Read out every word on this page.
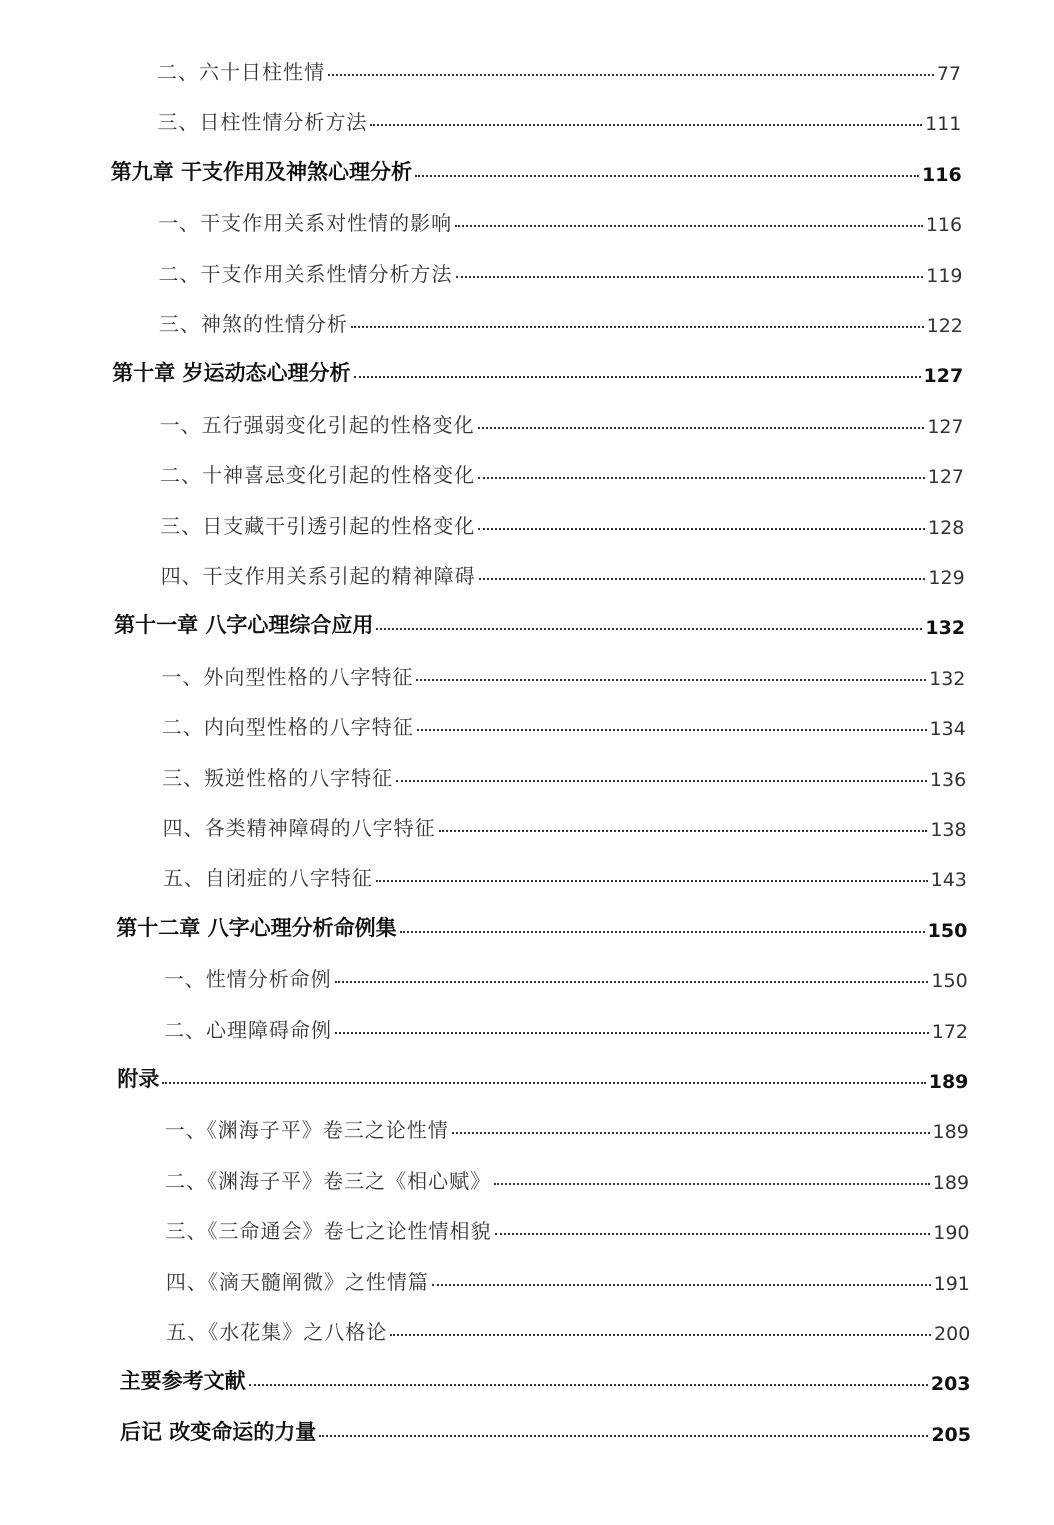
二、六十日柱性情	77
三、日柱性情分析方法	111
第九章 干支作用及神煞心理分析	116
一、干支作用关系对性情的影响	116
二、干支作用关系性情分析方法	119
三、神煞的性情分析	122
第十章 岁运动态心理分析	127
一、五行强弱变化引起的性格变化	127
二、十神喜忌变化引起的性格变化	127
三、日支藏干引透引起的性格变化	128
四、干支作用关系引起的精神障碍	129
第十一章 八字心理综合应用	132
一、外向型性格的八字特征	132
二、内向型性格的八字特征	134
三、叛逆性格的八字特征	136
四、各类精神障碍的八字特征	138
五、自闭症的八字特征	143
第十二章 八字心理分析命例集	150
一、性情分析命例	150
二、心理障碍命例	172
附录	189
一、《渊海子平》卷三之论性情	189
二、《渊海子平》卷三之《相心赋》	189
三、《三命通会》卷七之论性情相貌	190
四、《滴天髓阐微》之性情篇	191
五、《水花集》之八格论	200
主要参考文献	203
后记 改变命运的力量	205
